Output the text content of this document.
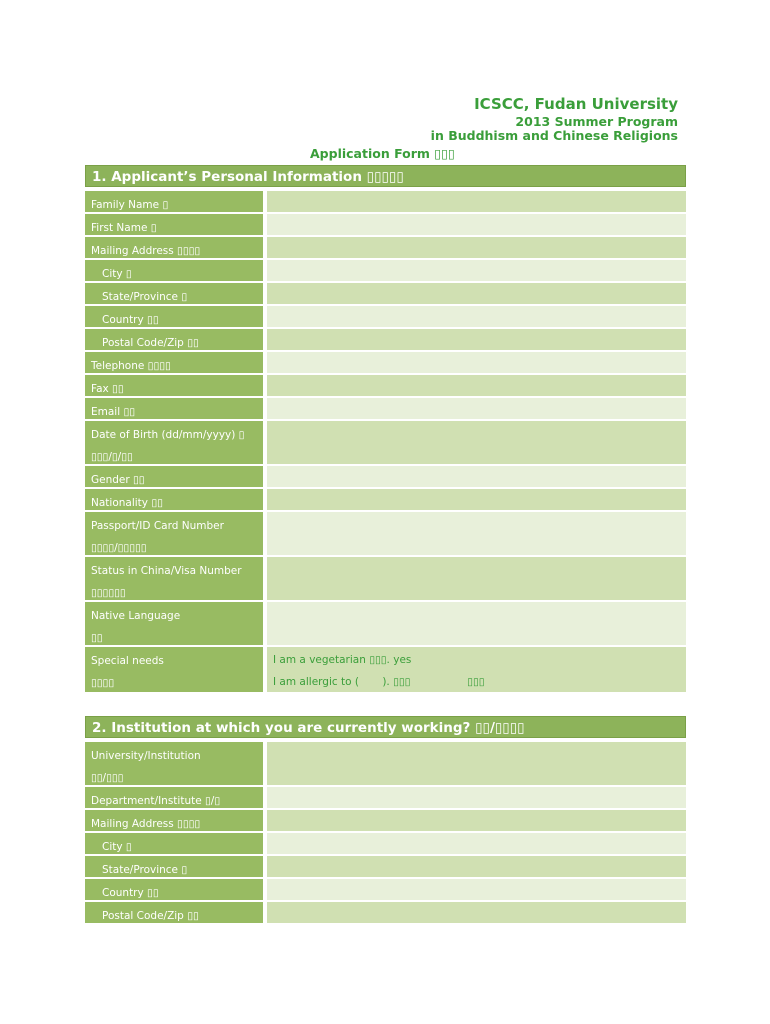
ICSCC, Fudan University
2013 Summer Program
in Buddhism and Chinese Religions
Application Form ▯▯▯
1. Applicant’s Personal Information ▯▯▯▯▯
Family Name ▯
First Name ▯
Mailing Address ▯▯▯▯
City ▯
State/Province ▯
Country ▯▯
Postal Code/Zip ▯▯
Telephone ▯▯▯▯
Fax ▯▯
Email ▯▯
Date of Birth (dd/mm/yyyy) ▯
▯▯▯/▯/▯▯
Gender ▯▯
Nationality ▯▯
Passport/ID Card Number
▯▯▯▯/▯▯▯▯▯
Status in China/Visa Number
▯▯▯▯▯▯
Native Language
▯▯
Special needs
▯▯▯▯
I am a vegetarian ▯▯▯. yes
I am allergic to (       ). ▯▯▯                 ▯▯▯
2. Institution at which you are currently working? ▯▯/▯▯▯▯
University/Institution
▯▯/▯▯▯
Department/Institute ▯/▯
Mailing Address ▯▯▯▯
City ▯
State/Province ▯
Country ▯▯
Postal Code/Zip ▯▯
